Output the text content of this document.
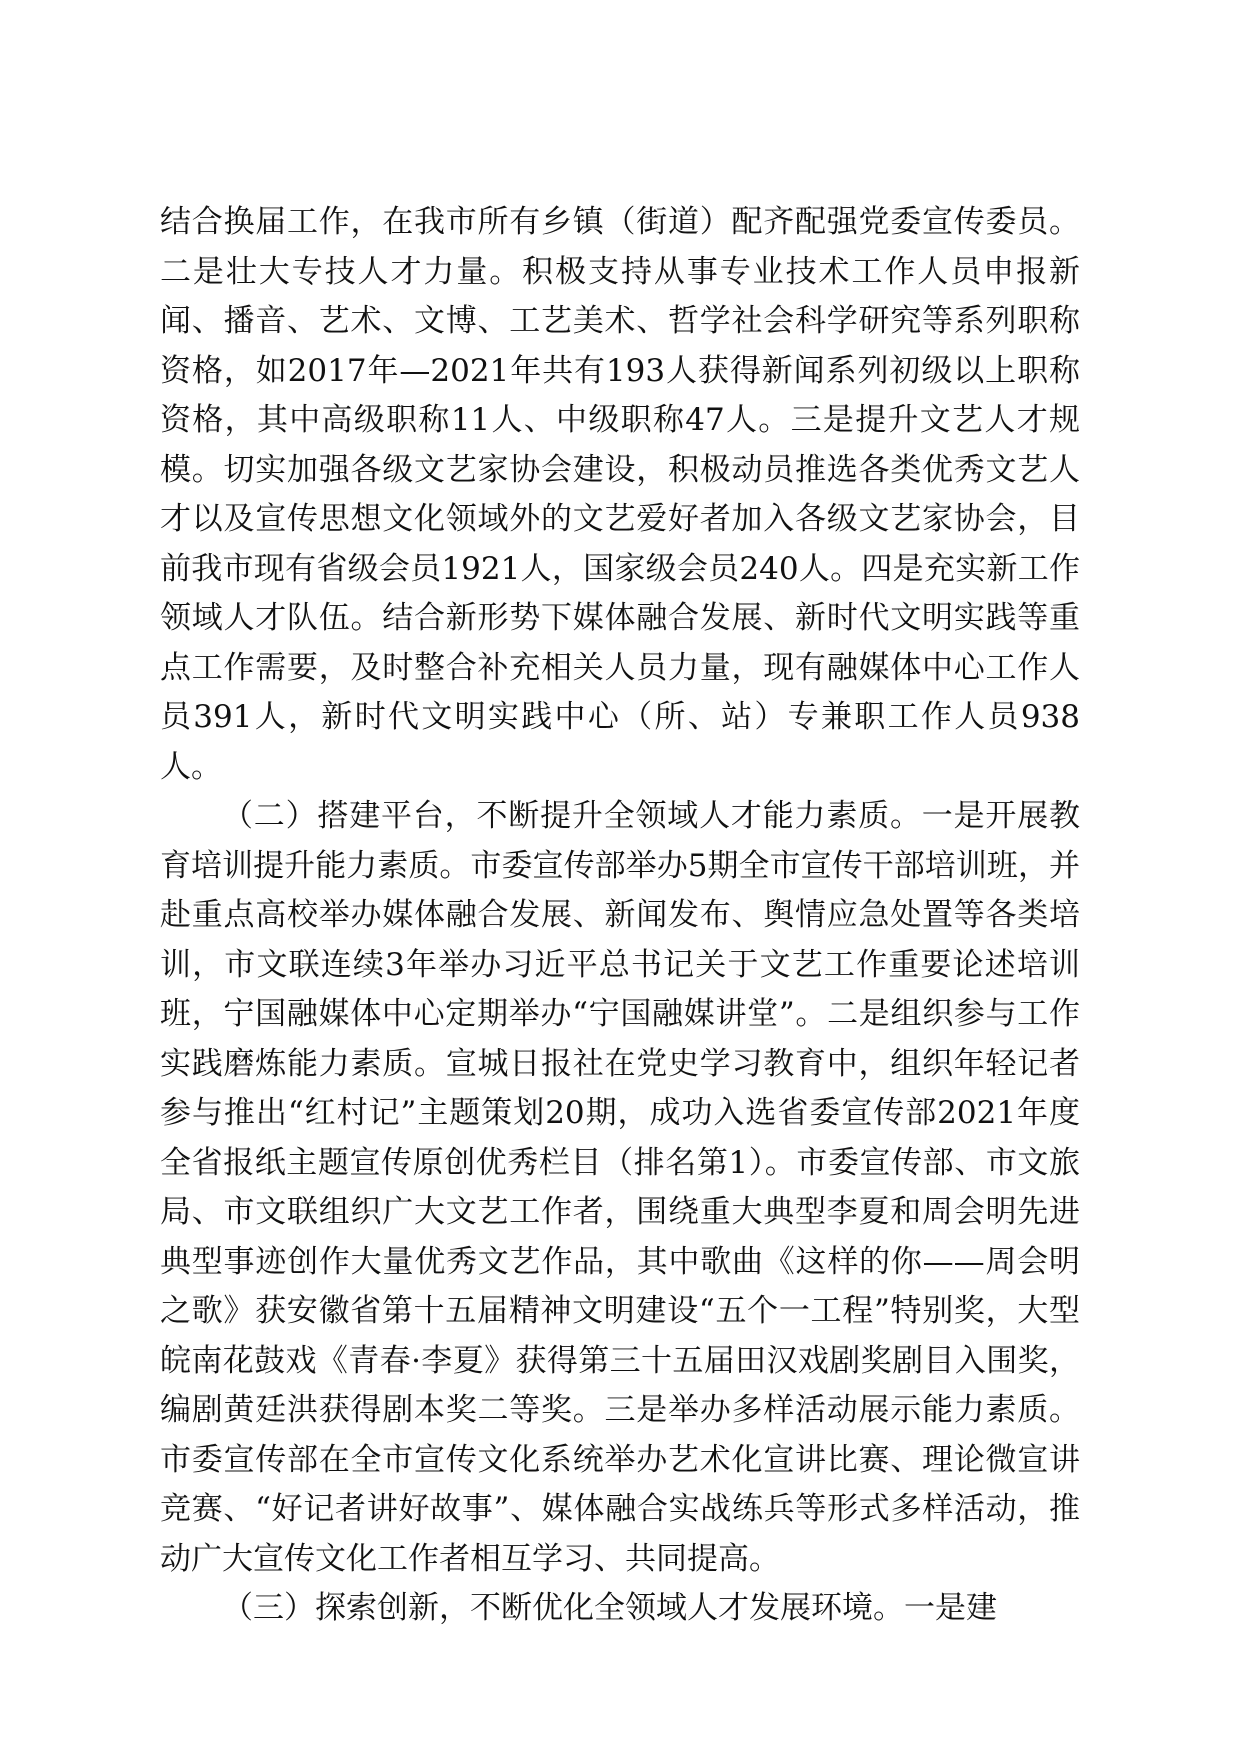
结合换届工作，在我市所有乡镇（街道）配齐配强党委宣传委员。二是壮大专技人才力量。积极支持从事专业技术工作人员申报新闻、播音、艺术、文博、工艺美术、哲学社会科学研究等系列职称资格，如2017年—2021年共有193人获得新闻系列初级以上职称资格，其中高级职称11人、中级职称47人。三是提升文艺人才规模。切实加强各级文艺家协会建设，积极动员推选各类优秀文艺人才以及宣传思想文化领域外的文艺爱好者加入各级文艺家协会，目前我市现有省级会员1921人，国家级会员240人。四是充实新工作领域人才队伍。结合新形势下媒体融合发展、新时代文明实践等重点工作需要，及时整合补充相关人员力量，现有融媒体中心工作人员391人，新时代文明实践中心（所、站）专兼职工作人员938人。

（二）搭建平台，不断提升全领域人才能力素质。一是开展教育培训提升能力素质。市委宣传部举办5期全市宣传干部培训班，并赴重点高校举办媒体融合发展、新闻发布、舆情应急处置等各类培训，市文联连续3年举办习近平总书记关于文艺工作重要论述培训班，宁国融媒体中心定期举办“宁国融媒讲堂”。二是组织参与工作实践磨炼能力素质。宣城日报社在党史学习教育中，组织年轻记者参与推出“红村记”主题策划20期，成功入选省委宣传部2021年度全省报纸主题宣传原创优秀栏目（排名第1）。市委宣传部、市文旅局、市文联组织广大文艺工作者，围绕重大典型李夏和周会明先进典型事迹创作大量优秀文艺作品，其中歌曲《这样的你——周会明之歌》获安徽省第十五届精神文明建设“五个一工程”特别奖，大型皖南花鼓戏《青春·李夏》获得第三十五届田汉戏剧奖剧目入围奖，编剧黄廷洪获得剧本奖二等奖。三是举办多样活动展示能力素质。市委宣传部在全市宣传文化系统举办艺术化宣讲比赛、理论微宣讲竞赛、“好记者讲好故事”、媒体融合实战练兵等形式多样活动，推动广大宣传文化工作者相互学习、共同提高。

（三）探索创新，不断优化全领域人才发展环境。一是建
